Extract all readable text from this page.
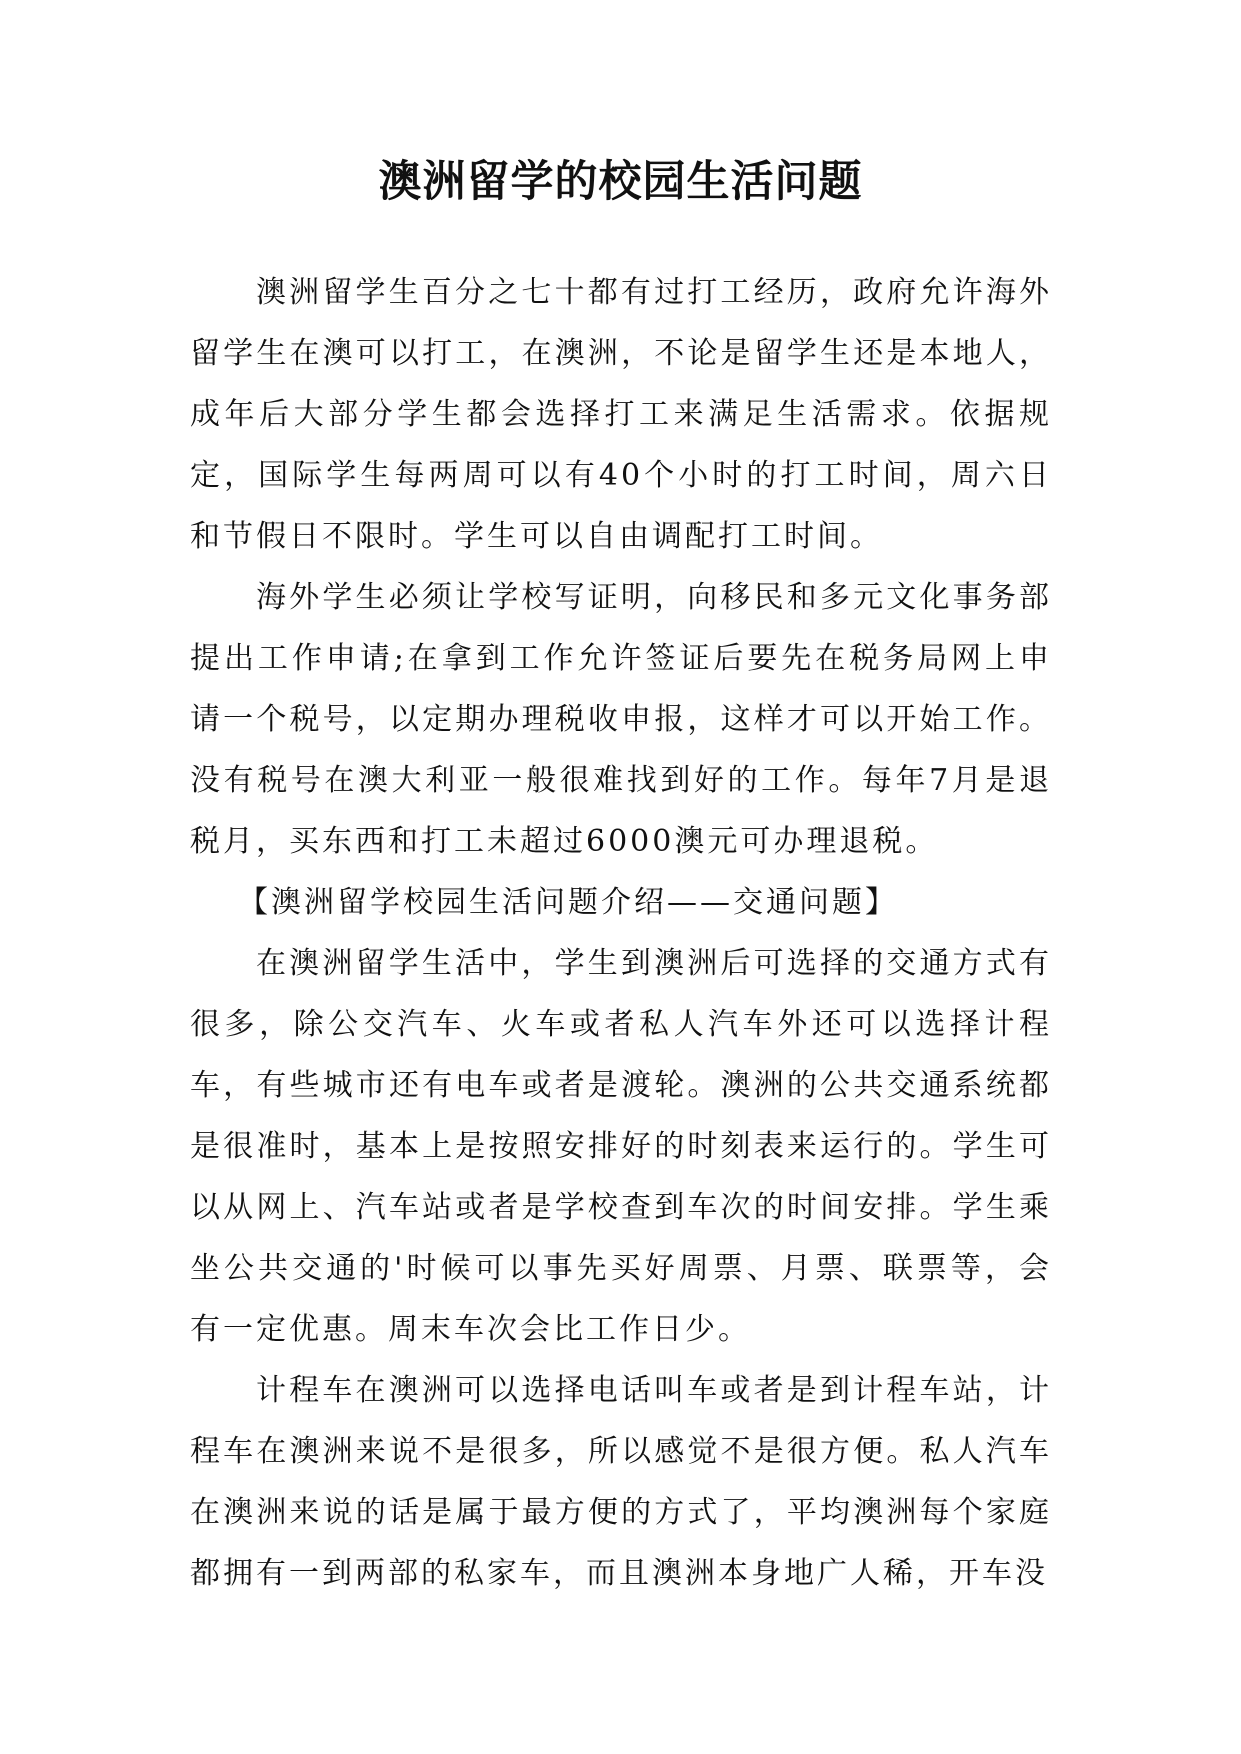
澳洲留学的校园生活问题

澳洲留学生百分之七十都有过打工经历，政府允许海外留学生在澳可以打工，在澳洲，不论是留学生还是本地人，成年后大部分学生都会选择打工来满足生活需求。依据规定，国际学生每两周可以有40个小时的打工时间，周六日和节假日不限时。学生可以自由调配打工时间。

海外学生必须让学校写证明，向移民和多元文化事务部提出工作申请;在拿到工作允许签证后要先在税务局网上申请一个税号，以定期办理税收申报，这样才可以开始工作。没有税号在澳大利亚一般很难找到好的工作。每年7月是退税月，买东西和打工未超过6000澳元可办理退税。

【澳洲留学校园生活问题介绍——交通问题】

在澳洲留学生活中，学生到澳洲后可选择的交通方式有很多，除公交汽车、火车或者私人汽车外还可以选择计程车，有些城市还有电车或者是渡轮。澳洲的公共交通系统都是很准时，基本上是按照安排好的时刻表来运行的。学生可以从网上、汽车站或者是学校查到车次的时间安排。学生乘坐公共交通的'时候可以事先买好周票、月票、联票等，会有一定优惠。周末车次会比工作日少。

计程车在澳洲可以选择电话叫车或者是到计程车站，计程车在澳洲来说不是很多，所以感觉不是很方便。私人汽车在澳洲来说的话是属于最方便的方式了，平均澳洲每个家庭都拥有一到两部的私家车，而且澳洲本身地广人稀，开车没
